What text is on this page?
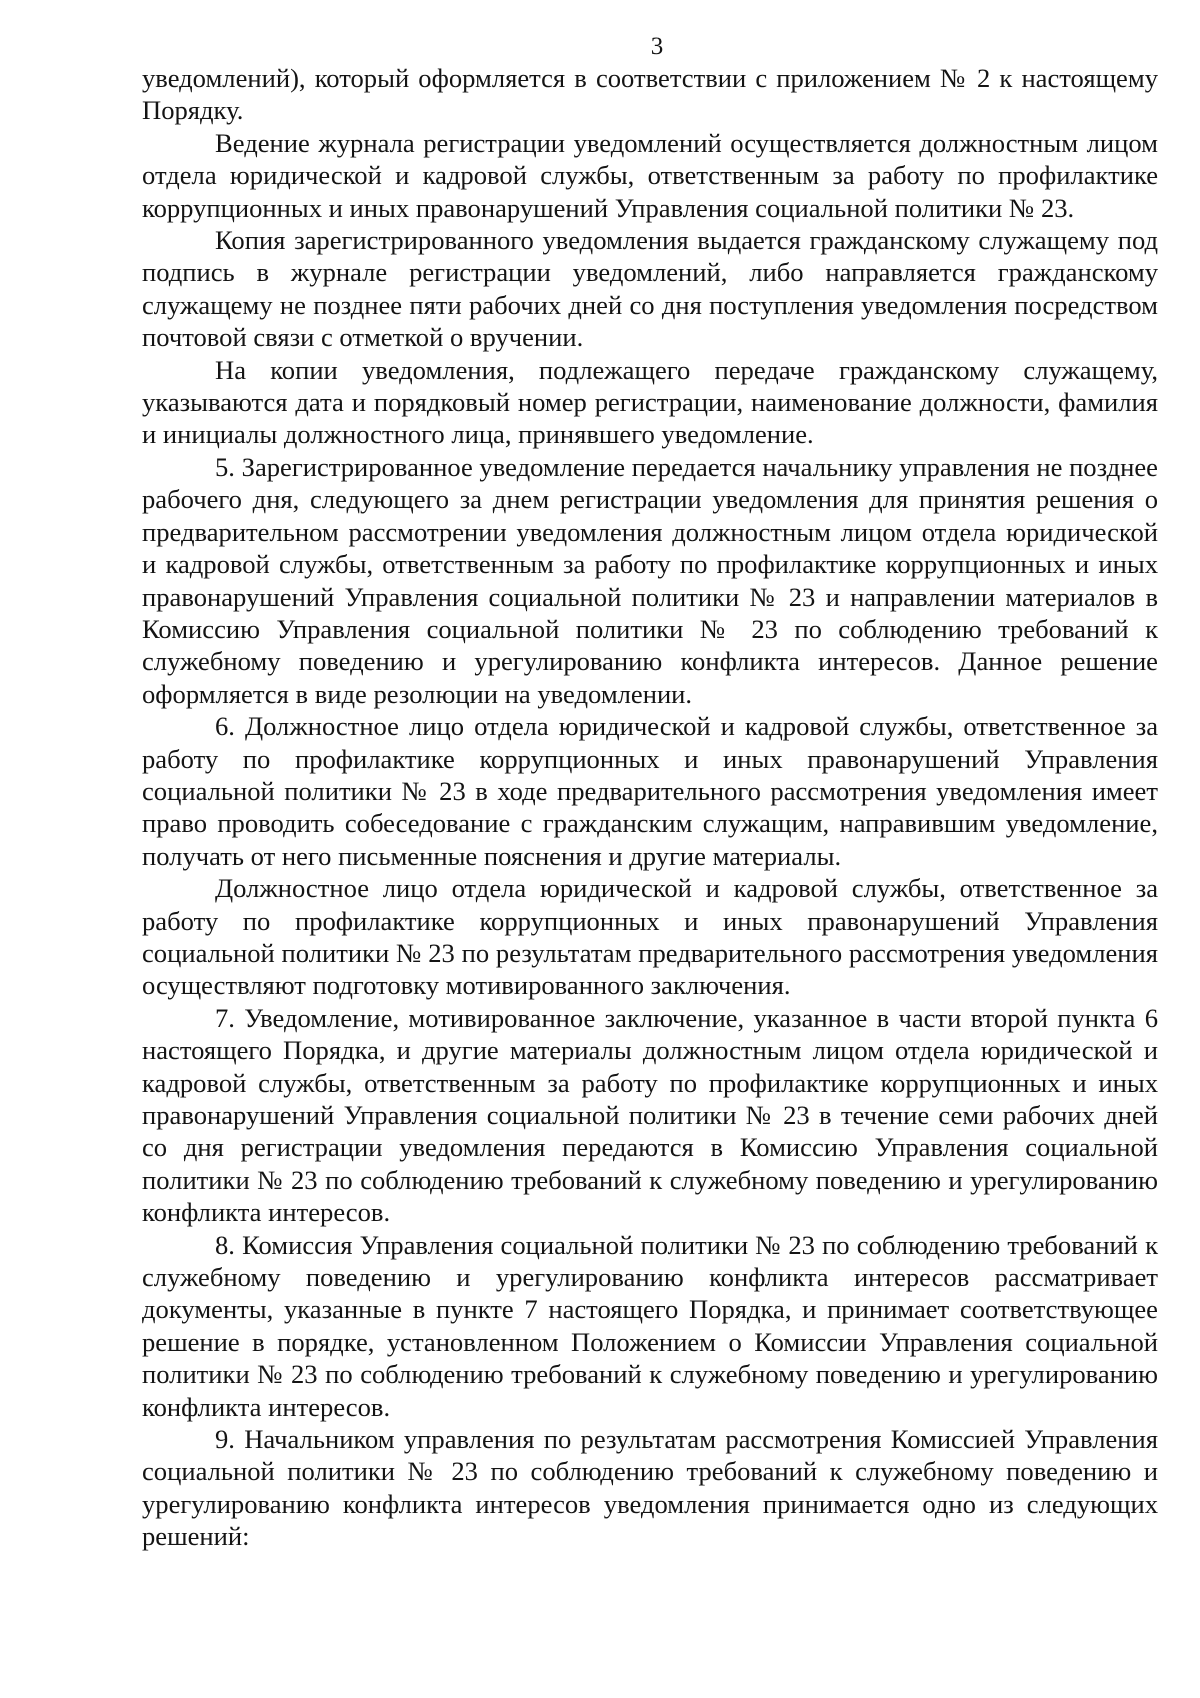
3

уведомлений), который оформляется в соответствии с приложением № 2 к настоящему Порядку.

Ведение журнала регистрации уведомлений осуществляется должностным лицом отдела юридической и кадровой службы, ответственным за работу по профилактике коррупционных и иных правонарушений Управления социальной политики № 23.

Копия зарегистрированного уведомления выдается гражданскому служащему под подпись в журнале регистрации уведомлений, либо направляется гражданскому служащему не позднее пяти рабочих дней со дня поступления уведомления посредством почтовой связи с отметкой о вручении.

На копии уведомления, подлежащего передаче гражданскому служащему, указываются дата и порядковый номер регистрации, наименование должности, фамилия и инициалы должностного лица, принявшего уведомление.

5. Зарегистрированное уведомление передается начальнику управления не позднее рабочего дня, следующего за днем регистрации уведомления для принятия решения о предварительном рассмотрении уведомления должностным лицом отдела юридической и кадровой службы, ответственным за работу по профилактике коррупционных и иных правонарушений Управления социальной политики № 23 и направлении материалов в Комиссию Управления социальной политики № 23 по соблюдению требований к служебному поведению и урегулированию конфликта интересов. Данное решение оформляется в виде резолюции на уведомлении.

6. Должностное лицо отдела юридической и кадровой службы, ответственное за работу по профилактике коррупционных и иных правонарушений Управления социальной политики № 23 в ходе предварительного рассмотрения уведомления имеет право проводить собеседование с гражданским служащим, направившим уведомление, получать от него письменные пояснения и другие материалы.

Должностное лицо отдела юридической и кадровой службы, ответственное за работу по профилактике коррупционных и иных правонарушений Управления социальной политики № 23 по результатам предварительного рассмотрения уведомления осуществляют подготовку мотивированного заключения.

7. Уведомление, мотивированное заключение, указанное в части второй пункта 6 настоящего Порядка, и другие материалы должностным лицом отдела юридической и кадровой службы, ответственным за работу по профилактике коррупционных и иных правонарушений Управления социальной политики № 23 в течение семи рабочих дней со дня регистрации уведомления передаются в Комиссию Управления социальной политики № 23 по соблюдению требований к служебному поведению и урегулированию конфликта интересов.

8. Комиссия Управления социальной политики № 23 по соблюдению требований к служебному поведению и урегулированию конфликта интересов рассматривает документы, указанные в пункте 7 настоящего Порядка, и принимает соответствующее решение в порядке, установленном Положением о Комиссии Управления социальной политики № 23 по соблюдению требований к служебному поведению и урегулированию конфликта интересов.

9. Начальником управления по результатам рассмотрения Комиссией Управления социальной политики № 23 по соблюдению требований к служебному поведению и урегулированию конфликта интересов уведомления принимается одно из следующих решений:
